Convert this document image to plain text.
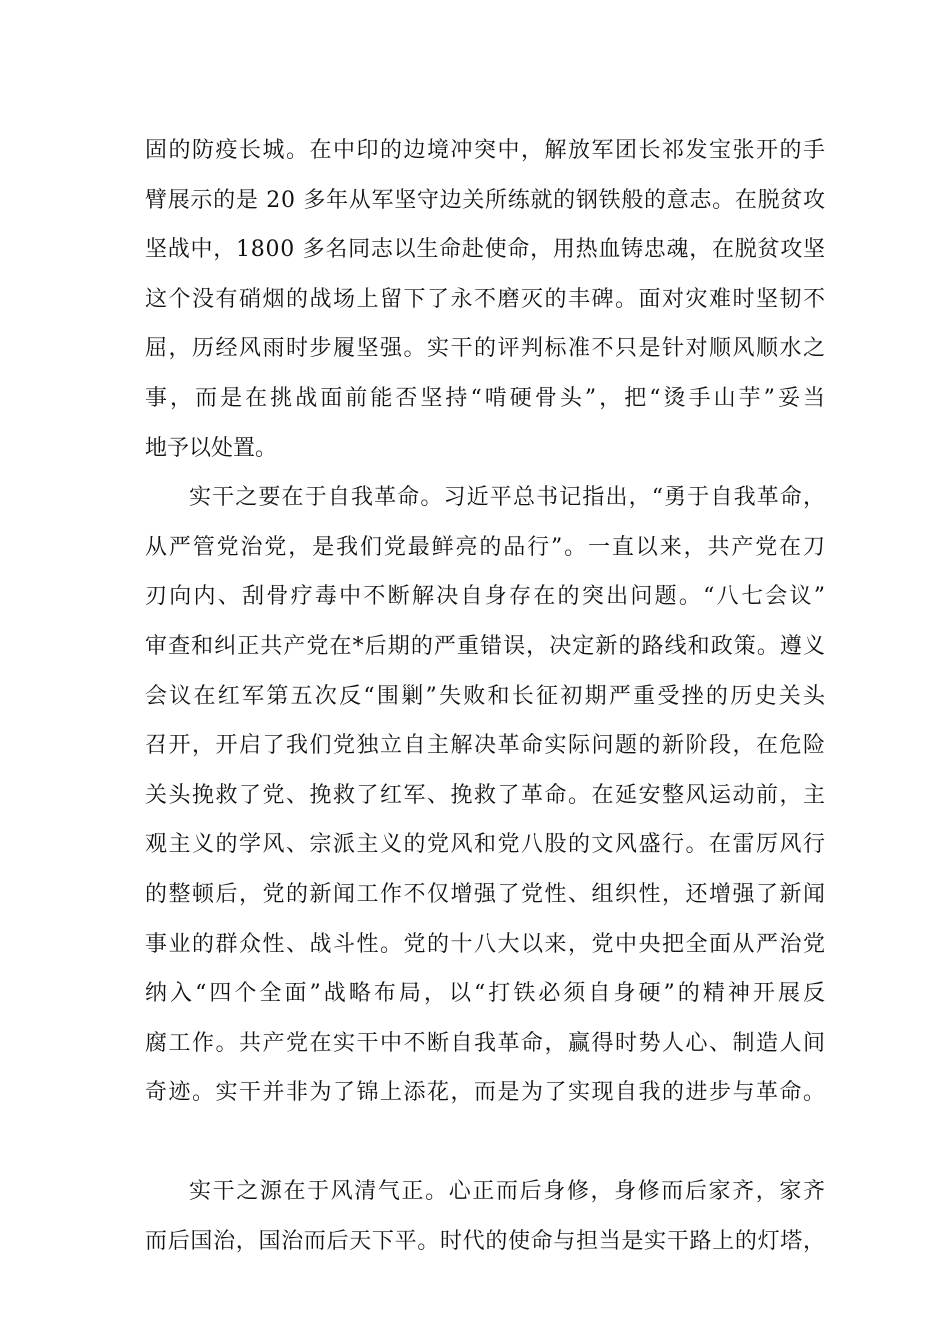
固的防疫长城。在中印的边境冲突中，解放军团长祁发宝张开的手
臂展示的是 20 多年从军坚守边关所练就的钢铁般的意志。在脱贫攻
坚战中，1800 多名同志以生命赴使命，用热血铸忠魂，在脱贫攻坚
这个没有硝烟的战场上留下了永不磨灭的丰碑。面对灾难时坚韧不
屈，历经风雨时步履坚强。实干的评判标准不只是针对顺风顺水之
事，而是在挑战面前能否坚持“啃硬骨头”，把“烫手山芋”妥当
地予以处置。
实干之要在于自我革命。习近平总书记指出，“勇于自我革命，
从严管党治党，是我们党最鲜亮的品行”。一直以来，共产党在刀
刃向内、刮骨疗毒中不断解决自身存在的突出问题。“八七会议”
审查和纠正共产党在*后期的严重错误，决定新的路线和政策。遵义
会议在红军第五次反“围剿”失败和长征初期严重受挫的历史关头
召开，开启了我们党独立自主解决革命实际问题的新阶段，在危险
关头挽救了党、挽救了红军、挽救了革命。在延安整风运动前，主
观主义的学风、宗派主义的党风和党八股的文风盛行。在雷厉风行
的整顿后，党的新闻工作不仅增强了党性、组织性，还增强了新闻
事业的群众性、战斗性。党的十八大以来，党中央把全面从严治党
纳入“四个全面”战略布局，以“打铁必须自身硬”的精神开展反
腐工作。共产党在实干中不断自我革命，赢得时势人心、制造人间
奇迹。实干并非为了锦上添花，而是为了实现自我的进步与革命。
实干之源在于风清气正。心正而后身修，身修而后家齐，家齐
而后国治，国治而后天下平。时代的使命与担当是实干路上的灯塔，
